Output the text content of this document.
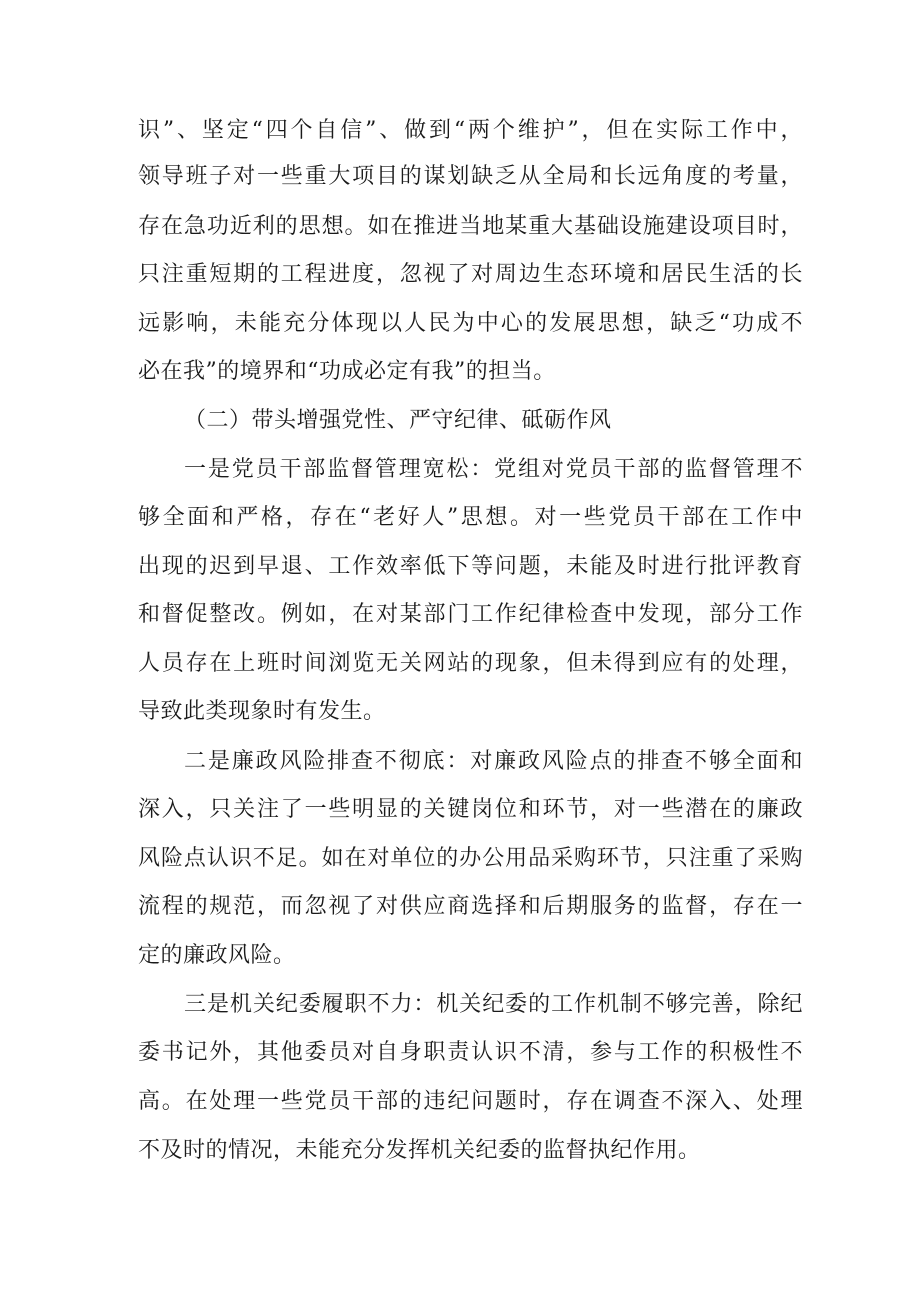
识”、坚定“四个自信”、做到“两个维护”，但在实际工作中，
领导班子对一些重大项目的谋划缺乏从全局和长远角度的考量，
存在急功近利的思想。如在推进当地某重大基础设施建设项目时，
只注重短期的工程进度，忽视了对周边生态环境和居民生活的长
远影响，未能充分体现以人民为中心的发展思想，缺乏“功成不
必在我”的境界和“功成必定有我”的担当。
（二）带头增强党性、严守纪律、砥砺作风
一是党员干部监督管理宽松：党组对党员干部的监督管理不
够全面和严格，存在“老好人”思想。对一些党员干部在工作中
出现的迟到早退、工作效率低下等问题，未能及时进行批评教育
和督促整改。例如，在对某部门工作纪律检查中发现，部分工作
人员存在上班时间浏览无关网站的现象，但未得到应有的处理，
导致此类现象时有发生。
二是廉政风险排查不彻底：对廉政风险点的排查不够全面和
深入，只关注了一些明显的关键岗位和环节，对一些潜在的廉政
风险点认识不足。如在对单位的办公用品采购环节，只注重了采购
流程的规范，而忽视了对供应商选择和后期服务的监督，存在一
定的廉政风险。
三是机关纪委履职不力：机关纪委的工作机制不够完善，除纪
委书记外，其他委员对自身职责认识不清，参与工作的积极性不
高。在处理一些党员干部的违纪问题时，存在调查不深入、处理
不及时的情况，未能充分发挥机关纪委的监督执纪作用。
